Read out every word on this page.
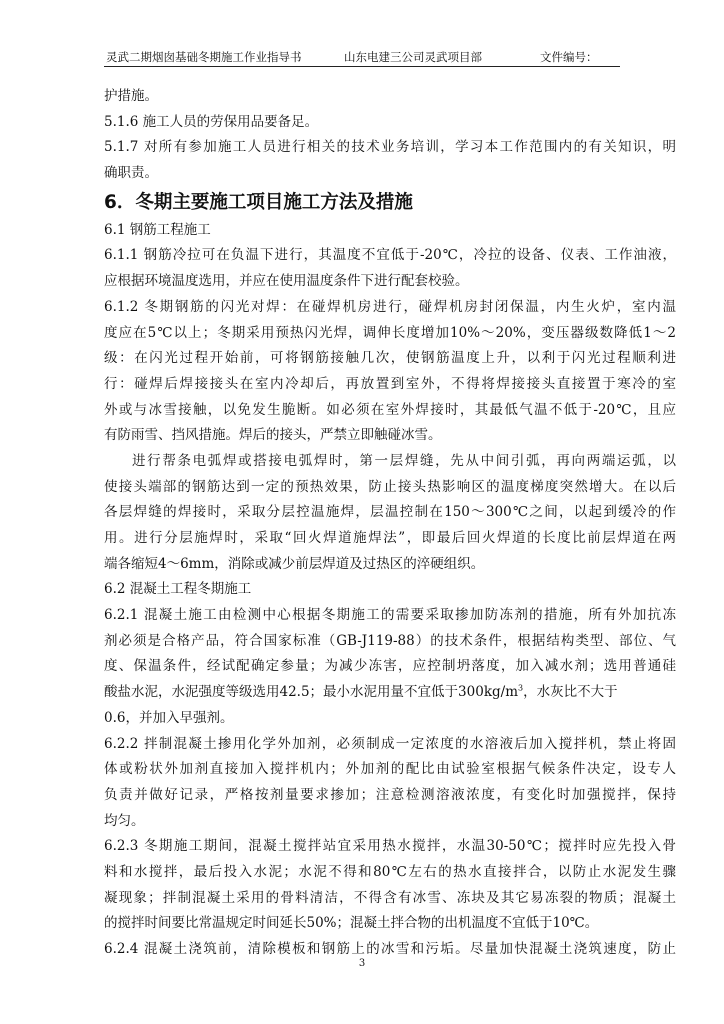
灵武二期烟囱基础冬期施工作业指导书	山东电建三公司灵武项目部	文件编号：
护措施。
5.1.6 施工人员的劳保用品要备足。
5.1.7 对所有参加施工人员进行相关的技术业务培训，学习本工作范围内的有关知识，明
确职责。
6．冬期主要施工项目施工方法及措施
6.1 钢筋工程施工
6.1.1 钢筋冷拉可在负温下进行，其温度不宜低于-20℃，冷拉的设备、仪表、工作油液，
应根据环境温度选用，并应在使用温度条件下进行配套校验。
6.1.2 冬期钢筋的闪光对焊：在碰焊机房进行，碰焊机房封闭保温，内生火炉，室内温
度应在5℃以上；冬期采用预热闪光焊，调伸长度增加10%～20%，变压器级数降低1～2
级：在闪光过程开始前，可将钢筋接触几次，使钢筋温度上升，以利于闪光过程顺利进
行：碰焊后焊接接头在室内冷却后，再放置到室外，不得将焊接接头直接置于寒冷的室
外或与冰雪接触，以免发生脆断。如必须在室外焊接时，其最低气温不低于-20℃，且应
有防雨雪、挡风措施。焊后的接头，严禁立即触碰冰雪。
进行帮条电弧焊或搭接电弧焊时，第一层焊缝，先从中间引弧，再向两端运弧，以
使接头端部的钢筋达到一定的预热效果，防止接头热影响区的温度梯度突然增大。在以后
各层焊缝的焊接时，采取分层控温施焊，层温控制在150～300℃之间，以起到缓冷的作
用。进行分层施焊时，采取“回火焊道施焊法”，即最后回火焊道的长度比前层焊道在两
端各缩短4～6mm，消除或减少前层焊道及过热区的淬硬组织。
6.2 混凝土工程冬期施工
6.2.1 混凝土施工由检测中心根据冬期施工的需要采取掺加防冻剂的措施，所有外加抗冻
剂必须是合格产品，符合国家标准（GB-J119-88）的技术条件，根据结构类型、部位、气
度、保温条件，经试配确定参量；为减少冻害，应控制坍落度，加入减水剂；选用普通硅
酸盐水泥，水泥强度等级选用42.5；最小水泥用量不宜低于$300kg/m^3$，水灰比不大于
0.6，并加入早强剂。
6.2.2 拌制混凝土掺用化学外加剂，必须制成一定浓度的水溶液后加入搅拌机，禁止将固
体或粉状外加剂直接加入搅拌机内；外加剂的配比由试验室根据气候条件决定，设专人
负责并做好记录，严格按剂量要求掺加；注意检测溶液浓度，有变化时加强搅拌，保持
均匀。
6.2.3 冬期施工期间，混凝土搅拌站宜采用热水搅拌，水温30-50℃；搅拌时应先投入骨
料和水搅拌，最后投入水泥；水泥不得和80℃左右的热水直接拌合，以防止水泥发生骤
凝现象；拌制混凝土采用的骨料清洁，不得含有冰雪、冻块及其它易冻裂的物质；混凝土
的搅拌时间要比常温规定时间延长50%；混凝土拌合物的出机温度不宜低于10℃。
6.2.4 混凝土浇筑前，清除模板和钢筋上的冰雪和污垢。尽量加快混凝土浇筑速度，防止
3
